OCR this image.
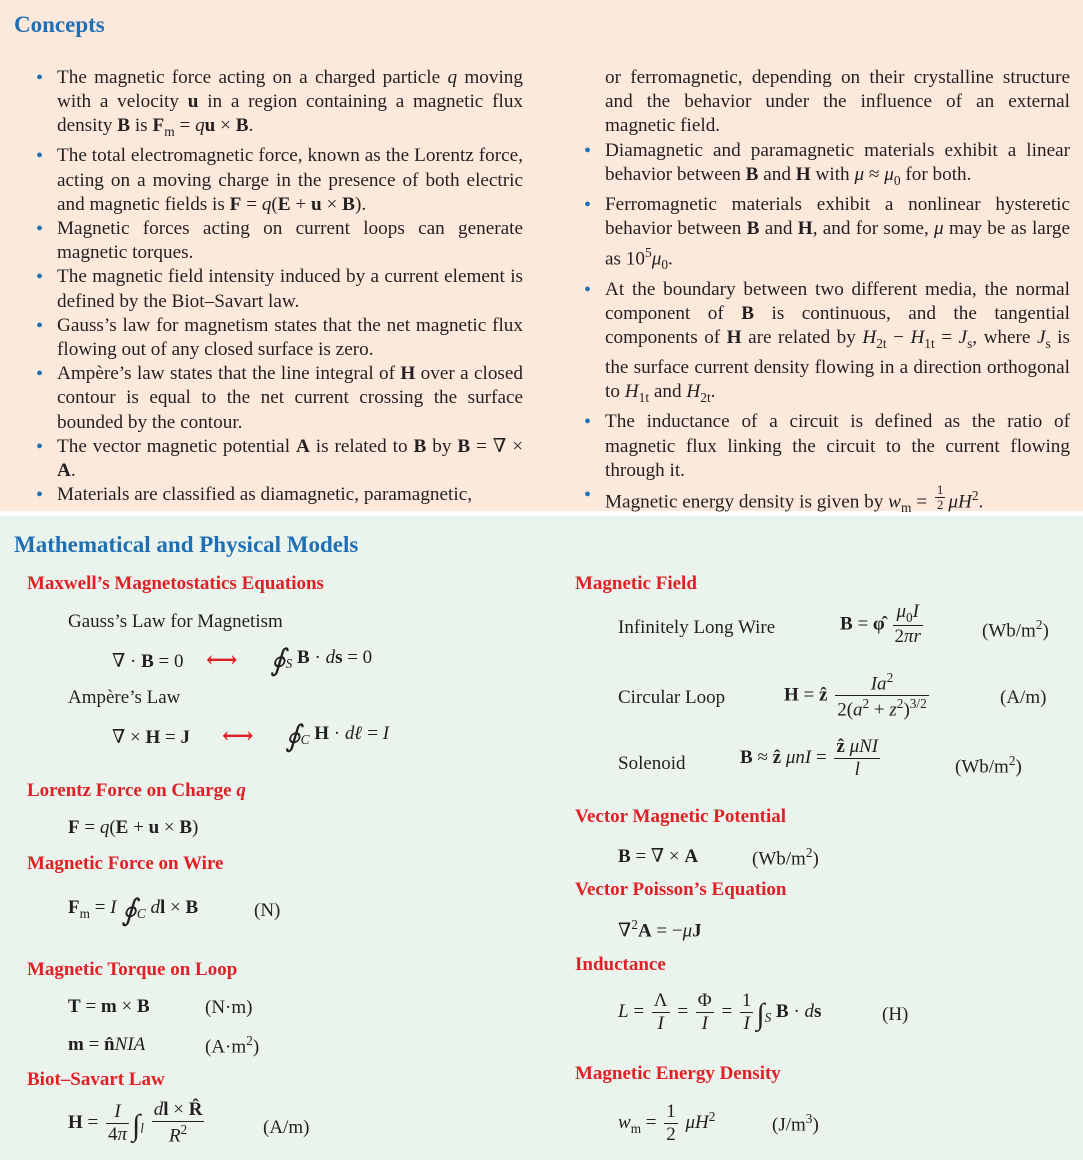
Concepts
• The magnetic force acting on a charged particle q moving with a velocity u in a region containing a magnetic flux density B is $F_m$ = qu × B.
• The total electromagnetic force, known as the Lorentz force, acting on a moving charge in the presence of both electric and magnetic fields is F = q(E + u × B).
• Magnetic forces acting on current loops can generate magnetic torques.
• The magnetic field intensity induced by a current element is defined by the Biot–Savart law.
• Gauss’s law for magnetism states that the net magnetic flux flowing out of any closed surface is zero.
• Ampère’s law states that the line integral of H over a closed contour is equal to the net current crossing the surface bounded by the contour.
• The vector magnetic potential A is related to B by B = ∇ × A.
• Materials are classified as diamagnetic, paramagnetic,
or ferromagnetic, depending on their crystalline structure and the behavior under the influence of an external magnetic field.
• Diamagnetic and paramagnetic materials exhibit a linear behavior between B and H with $\mu \approx \mu_0$ for both.
• Ferromagnetic materials exhibit a nonlinear hysteretic behavior between B and H, and for some, μ may be as large as $10^5\mu_0$.
• At the boundary between two different media, the normal component of B is continuous, and the tangential components of H are related by $H_{2t} - H_{1t} = J_s$, where $J_s$ is the surface current density flowing in a direction orthogonal to $H_{1t}$ and $H_{2t}$.
• The inductance of a circuit is defined as the ratio of magnetic flux linking the circuit to the current flowing through it.
• Magnetic energy density is given by $w_m = \frac{1}{2} \mu H^2$.
Mathematical and Physical Models
Maxwell’s Magnetostatics Equations
Gauss’s Law for Magnetism
∇ · B = 0 ⟷ $∮_S$ B · ds = 0
Ampère’s Law
∇ × H = J ⟷ $∮_C$ H · dℓ = I
Lorentz Force on Charge q
F = q(E + u × B)
Magnetic Force on Wire
$F_m = I$ $∮_C$ dl × B	(N)
Magnetic Torque on Loop
T = m × B	(N·m)
m = n̂NIA	$(A\cdot m^2)$
Biot–Savart Law
$H = \frac{I}{4\pi} \int_l \frac{dl \times R̂}{R^2}$	(A/m)
Magnetic Field
Infinitely Long Wire	B = φ̂ $\frac{\mu_0I}{2\pi r}$	$(Wb/m^2)$
Circular Loop	H = ẑ $\frac{Ia^2}{2(a^2 + z^2)^{3/2}}$	(A/m)
Solenoid	B ≈ ẑ $\mu nI = \frac{\text{ẑ μNI}}{l}$	$(Wb/m^2)$
Vector Magnetic Potential
B = ∇ × A	$(Wb/m^2)$
Vector Poisson’s Equation
∇$^2$A = −μJ
Inductance
$L = \frac{\Lambda}{I} = \frac{\Phi}{I} = \frac{1}{I} \int_S$ B · ds	(H)
Magnetic Energy Density
$w_m = \frac{1}{2} \mu H^2$	$(J/m^3)$
